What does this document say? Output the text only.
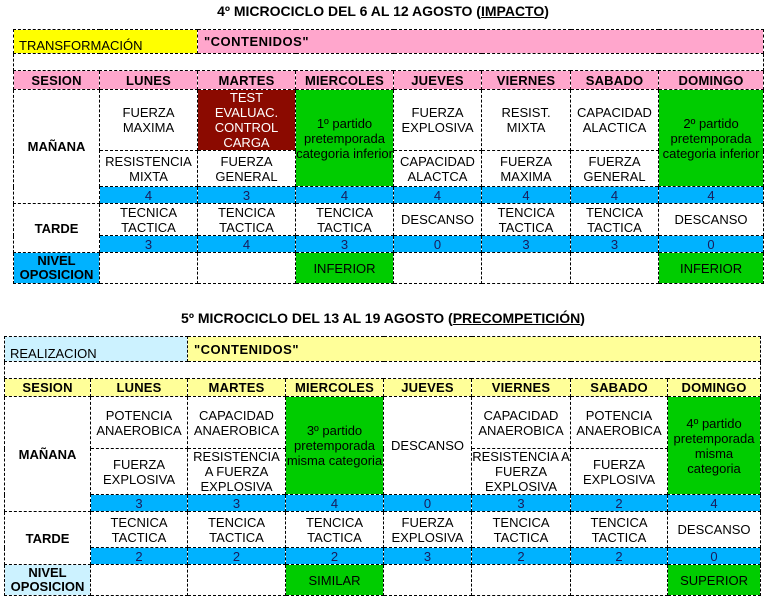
4º MICROCICLO DEL 6 AL 12 AGOSTO (IMPACTO)
TRANSFORMACIÓN		"CONTENIDOS"					

SESION	LUNES	MARTES	MIERCOLES	JUEVES	VIERNES	SABADO	DOMINGO
MAÑANA	FUERZA MAXIMA	TEST EVALUAC. CONTROL CARGA	1º partido pretemporada categoria inferior	FUERZA EXPLOSIVA	RESIST. MIXTA	CAPACIDAD ALACTICA	2º partido pretemporada categoria inferior
	RESISTENCIA MIXTA	FUERZA GENERAL		CAPACIDAD ALACTCA	FUERZA MAXIMA	FUERZA GENERAL	
	4	3	4	4	4	4	4
TARDE	TECNICA TACTICA	TENCICA TACTICA	TENCICA TACTICA	DESCANSO	TENCICA TACTICA	TENCICA TACTICA	DESCANSO
	3	4	3	0	3	3	0
NIVEL OPOSICION			INFERIOR				INFERIOR
5º MICROCICLO DEL 13 AL 19 AGOSTO (PRECOMPETICIÓN)
REALIZACION		"CONTENIDOS"					

SESION	LUNES	MARTES	MIERCOLES	JUEVES	VIERNES	SABADO	DOMINGO
MAÑANA	POTENCIA ANAEROBICA	CAPACIDAD ANAEROBICA	3º partido pretemporada misma categoria	DESCANSO	CAPACIDAD ANAEROBICA	POTENCIA ANAEROBICA	4º partido pretemporada misma categoria
	FUERZA EXPLOSIVA	RESISTENCIA A FUERZA EXPLOSIVA			RESISTENCIA A FUERZA EXPLOSIVA	FUERZA EXPLOSIVA	
	3	3	4	0	3	2	4
TARDE	TECNICA TACTICA	TENCICA TACTICA	TENCICA TACTICA	FUERZA EXPLOSIVA	TENCICA TACTICA	TENCICA TACTICA	DESCANSO
	2	2	2	3	2	2	0
NIVEL OPOSICION			SIMILAR				SUPERIOR
